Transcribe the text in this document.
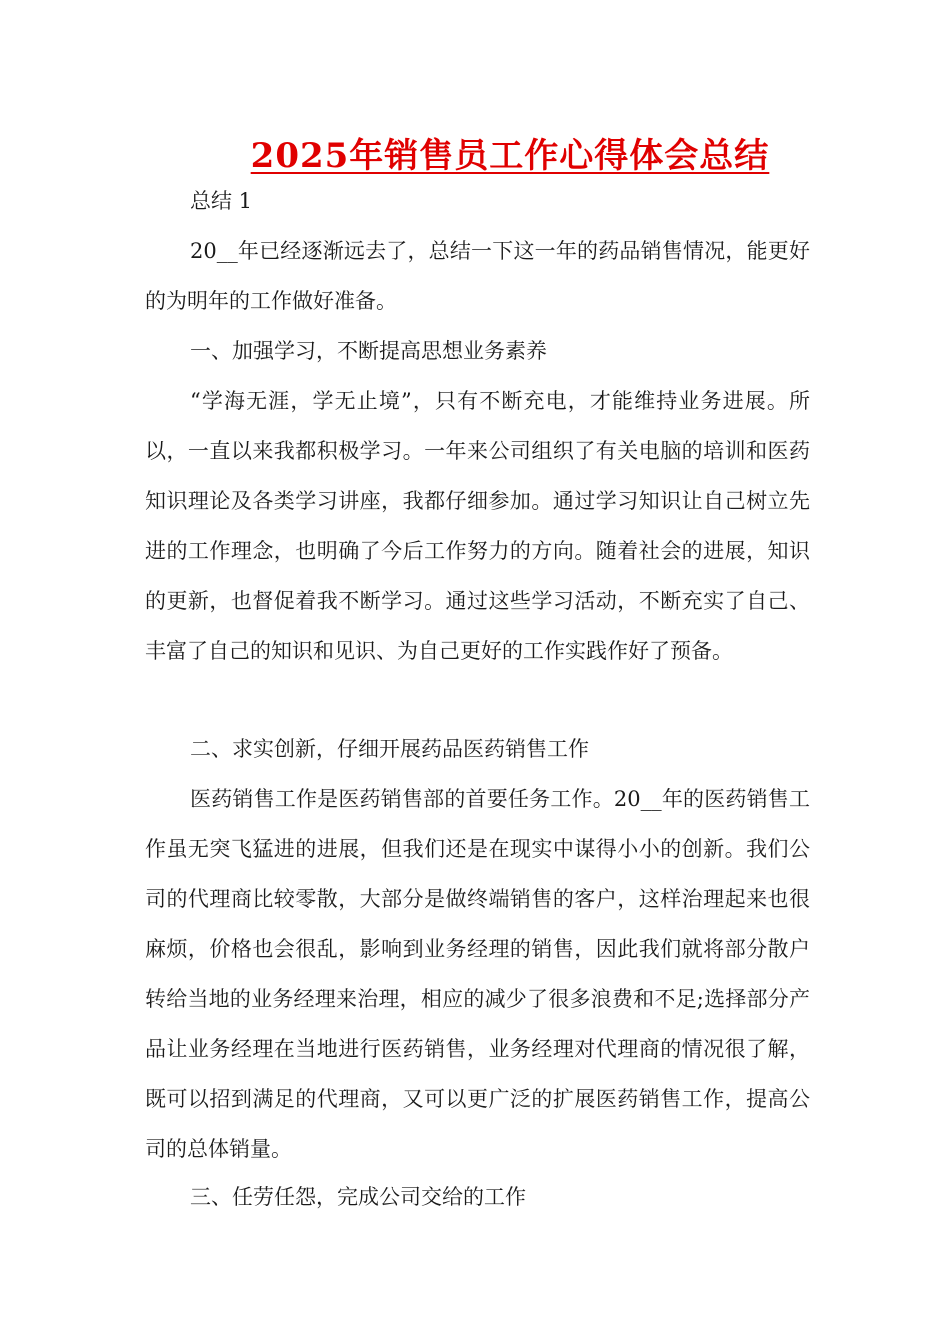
2025年销售员工作心得体会总结
总结 1

20__年已经逐渐远去了，总结一下这一年的药品销售情况，能更好的为明年的工作做好准备。

一、加强学习，不断提高思想业务素养

“学海无涯，学无止境”，只有不断充电，才能维持业务进展。所以，一直以来我都积极学习。一年来公司组织了有关电脑的培训和医药知识理论及各类学习讲座，我都仔细参加。通过学习知识让自己树立先进的工作理念，也明确了今后工作努力的方向。随着社会的进展，知识的更新，也督促着我不断学习。通过这些学习活动，不断充实了自己、丰富了自己的知识和见识、为自己更好的工作实践作好了预备。

二、求实创新，仔细开展药品医药销售工作

医药销售工作是医药销售部的首要任务工作。20__年的医药销售工作虽无突飞猛进的进展，但我们还是在现实中谋得小小的创新。我们公司的代理商比较零散，大部分是做终端销售的客户，这样治理起来也很麻烦，价格也会很乱，影响到业务经理的销售，因此我们就将部分散户转给当地的业务经理来治理，相应的减少了很多浪费和不足;选择部分产品让业务经理在当地进行医药销售，业务经理对代理商的情况很了解，既可以招到满足的代理商，又可以更广泛的扩展医药销售工作，提高公司的总体销量。

三、任劳任怨，完成公司交给的工作
